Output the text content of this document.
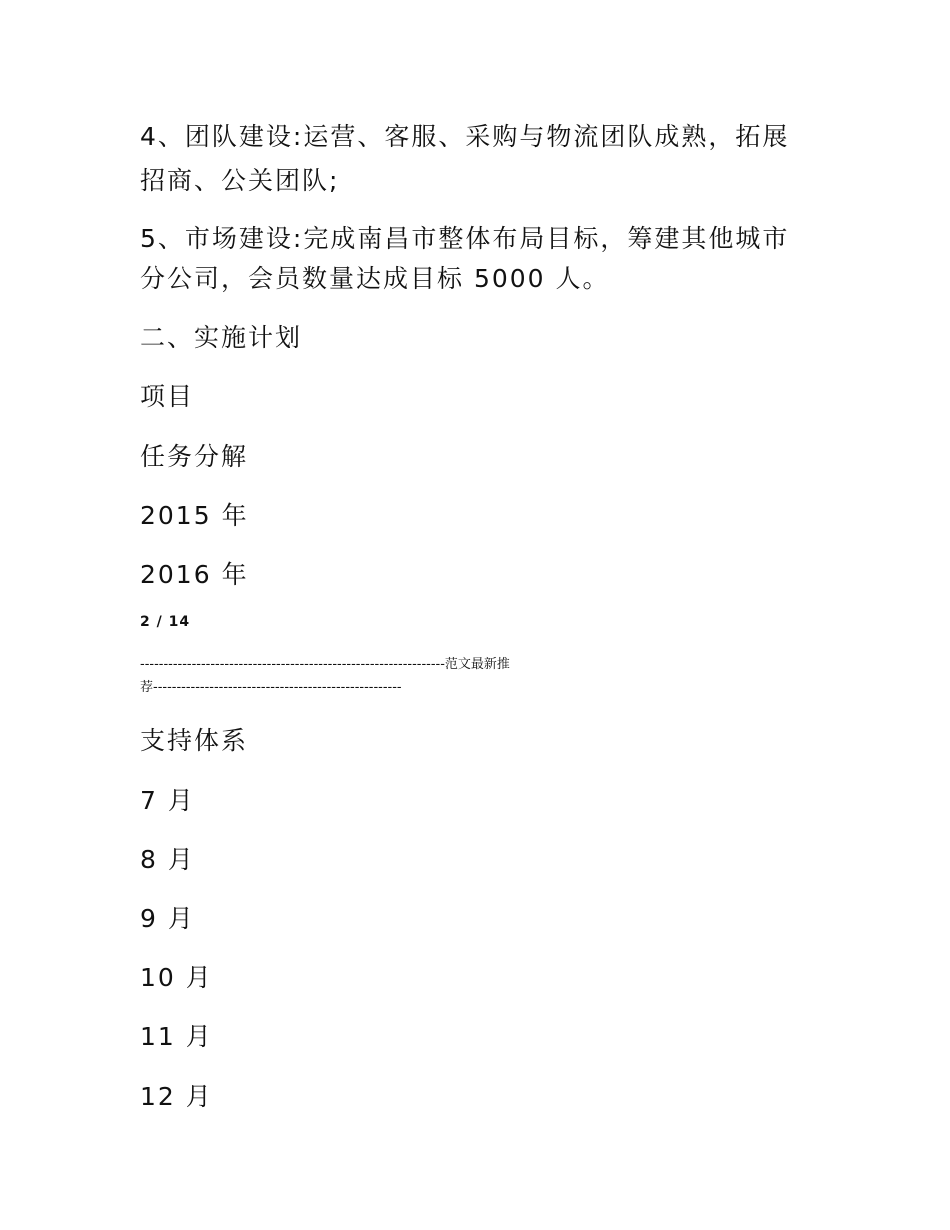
4、团队建设:运营、客服、采购与物流团队成熟，拓展
招商、公关团队;
5、市场建设:完成南昌市整体布局目标，筹建其他城市
分公司，会员数量达成目标 5000 人。
二、实施计划
项目
任务分解
2015 年
2016 年
2 / 14
-----------------------------------------------------------------范文最新推
荐-----------------------------------------------------
支持体系
7 月
8 月
9 月
10 月
11 月
12 月
